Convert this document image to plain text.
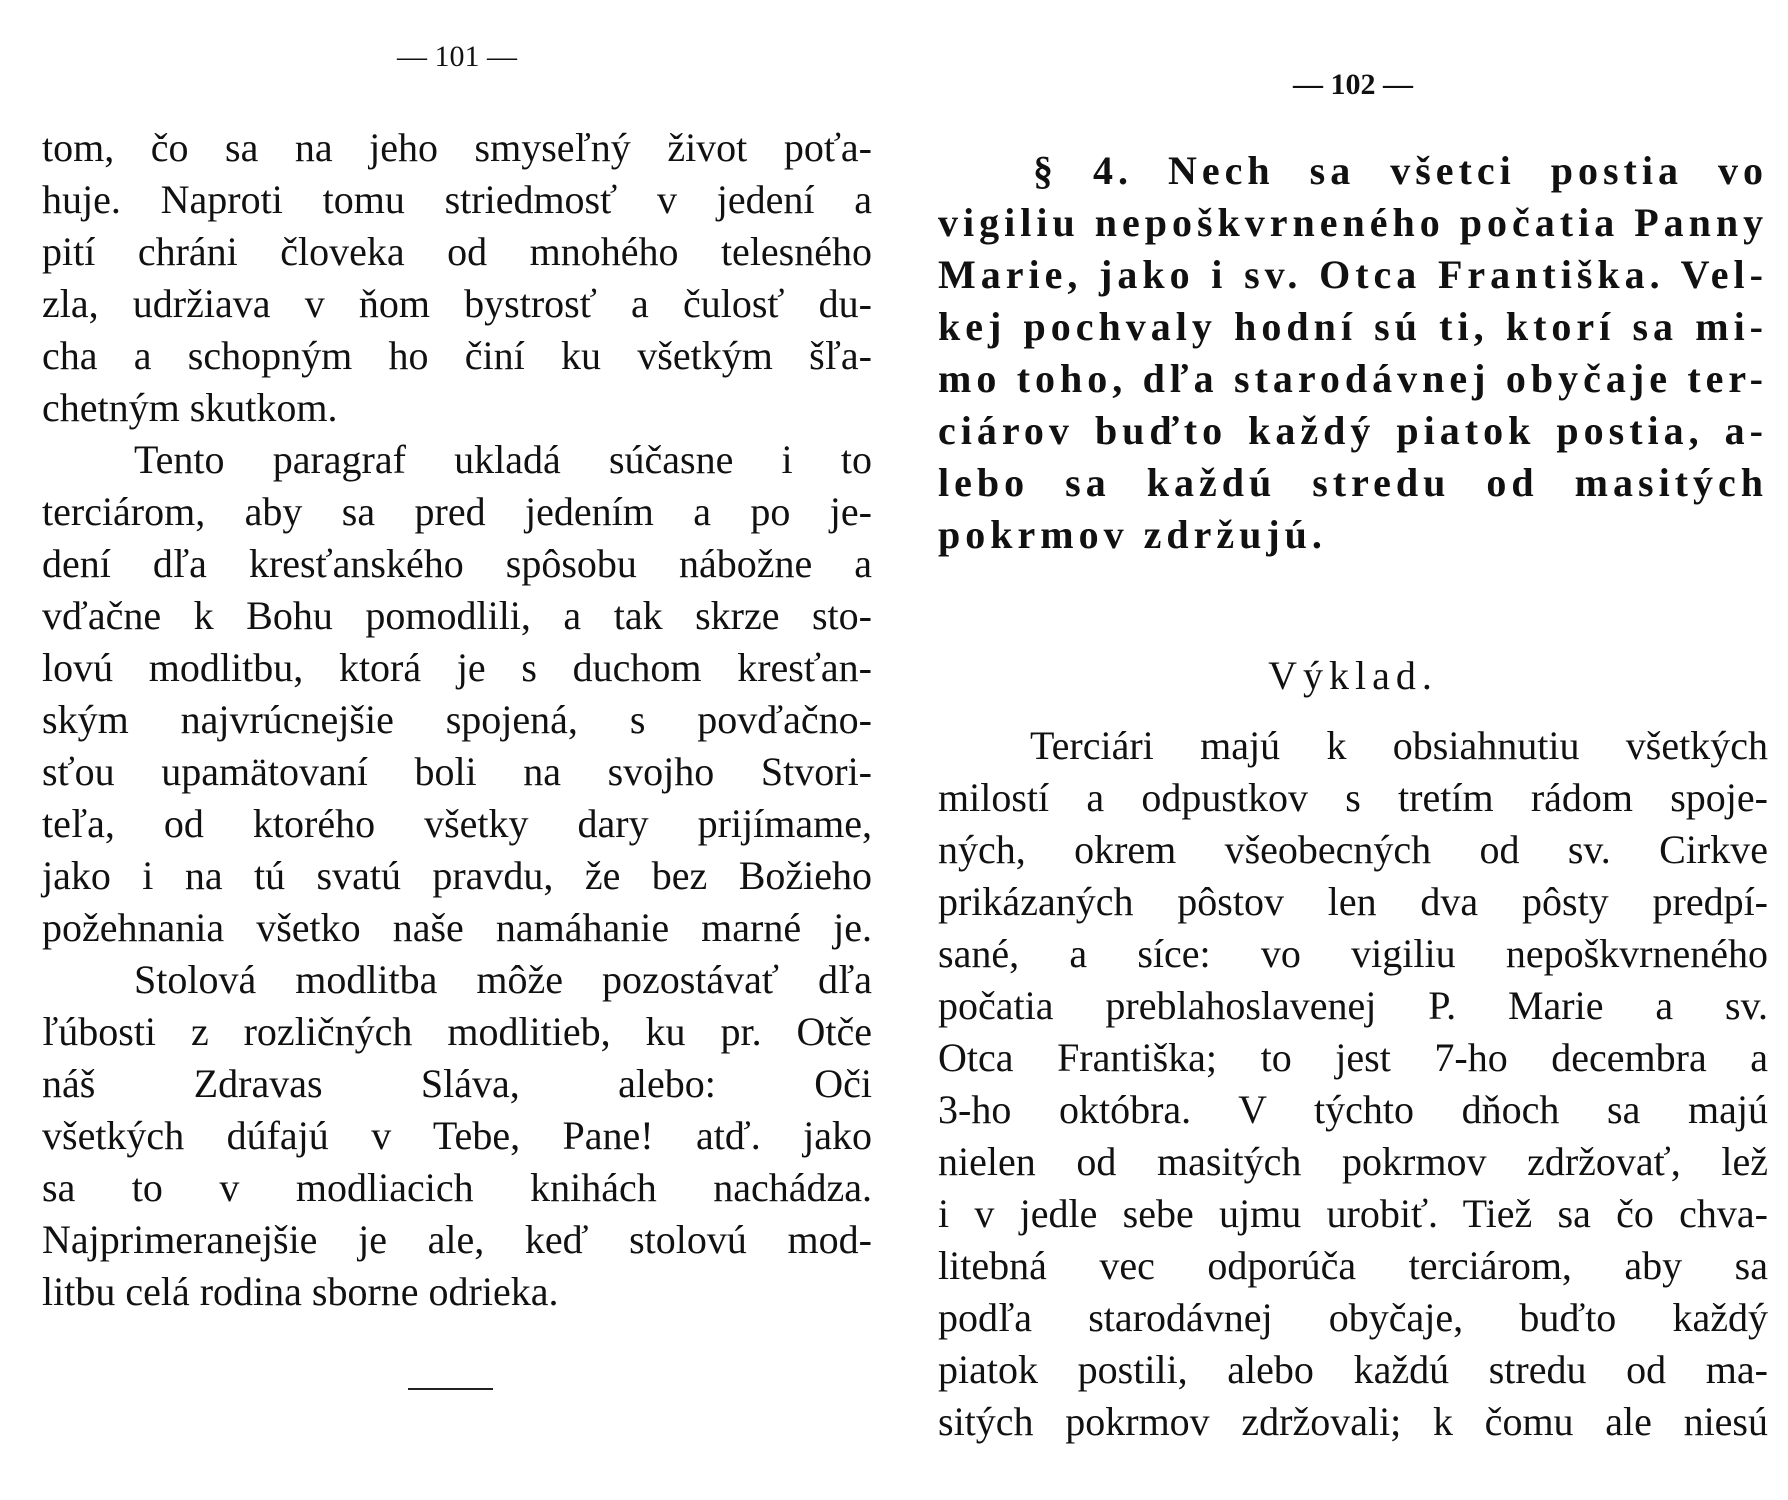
— 101 —
tom, čo sa na jeho smyseľný život poťa-
huje. Naproti tomu striedmosť v jedení a
pití chráni človeka od mnohého telesného
zla, udržiava v ňom bystrosť a čulosť du-
cha a schopným ho činí ku všetkým šľa-
chetným skutkom.
Tento paragraf ukladá súčasne i to
terciárom, aby sa pred jedením a po je-
dení dľa kresťanského spôsobu nábožne a
vďačne k Bohu pomodlili, a tak skrze sto-
lovú modlitbu, ktorá je s duchom kresťan-
ským najvrúcnejšie spojená, s povďačno-
sťou upamätovaní boli na svojho Stvori-
teľa, od ktorého všetky dary prijímame,
jako i na tú svatú pravdu, že bez Božieho
požehnania všetko naše namáhanie marné je.
Stolová modlitba môže pozostávať dľa
ľúbosti z rozličných modlitieb, ku pr. Otče
náš Zdravas Sláva, alebo: Oči
všetkých dúfajú v Tebe, Pane! atď. jako
sa to v modliacich knihách nachádza.
Najprimeranejšie je ale, keď stolovú mod-
litbu celá rodina sborne odrieka.
— 102 —
§ 4. Nech sa všetci postia vo
vigiliu nepoškvrneného počatia Panny
Marie, jako i sv. Otca Františka. Vel-
kej pochvaly hodní sú ti, ktorí sa mi-
mo toho, dľa starodávnej obyčaje ter-
ciárov buďto každý piatok postia, a-
lebo sa každú stredu od masitých
pokrmov zdržujú.
Výklad.
Terciári majú k obsiahnutiu všetkých
milostí a odpustkov s tretím rádom spoje-
ných, okrem všeobecných od sv. Cirkve
prikázaných pôstov len dva pôsty predpí-
sané, a síce: vo vigiliu nepoškvrneného
počatia preblahoslavenej P. Marie a sv.
Otca Františka; to jest 7-ho decembra a
3-ho októbra. V týchto dňoch sa majú
nielen od masitých pokrmov zdržovať, lež
i v jedle sebe ujmu urobiť. Tiež sa čo chva-
litebná vec odporúča terciárom, aby sa
podľa starodávnej obyčaje, buďto každý
piatok postili, alebo každú stredu od ma-
sitých pokrmov zdržovali; k čomu ale niesú
